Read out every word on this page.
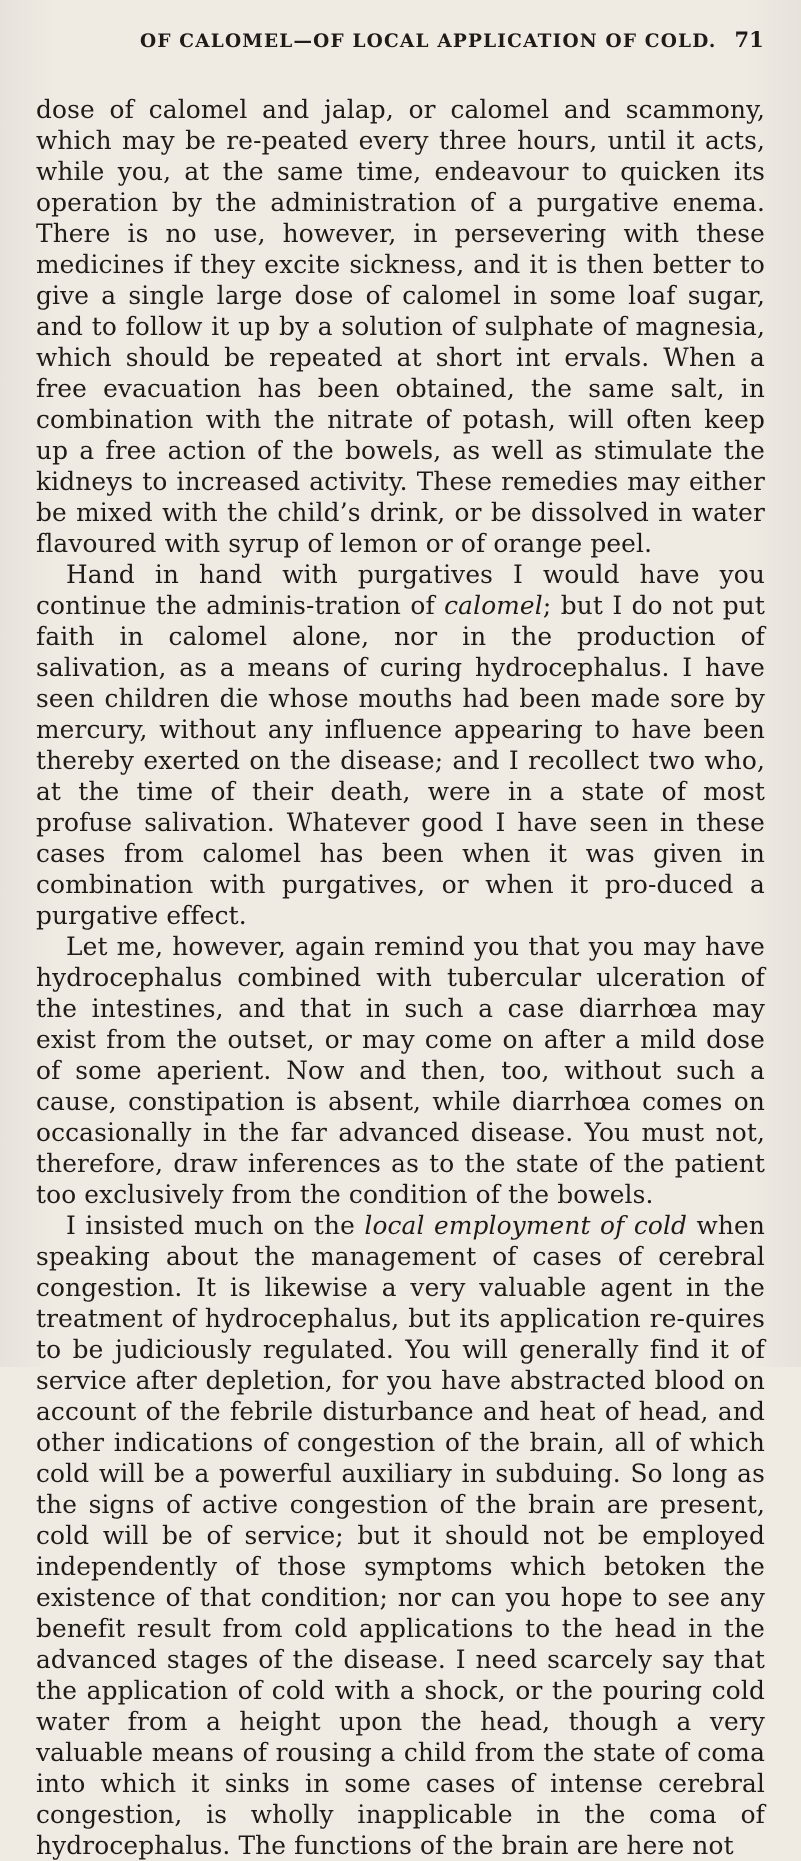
OF CALOMEL—OF LOCAL APPLICATION OF COLD. 71

dose of calomel and jalap, or calomel and scammony, which may be re-peated every three hours, until it acts, while you, at the same time, endeavour to quicken its operation by the administration of a purgative enema. There is no use, however, in persevering with these medicines if they excite sickness, and it is then better to give a single large dose of calomel in some loaf sugar, and to follow it up by a solution of sulphate of magnesia, which should be repeated at short int ervals. When a free evacuation has been obtained, the same salt, in combination with the nitrate of potash, will often keep up a free action of the bowels, as well as stimulate the kidneys to increased activity. These remedies may either be mixed with the child’s drink, or be dissolved in water flavoured with syrup of lemon or of orange peel.

Hand in hand with purgatives I would have you continue the adminis-tration of calomel; but I do not put faith in calomel alone, nor in the production of salivation, as a means of curing hydrocephalus. I have seen children die whose mouths had been made sore by mercury, without any influence appearing to have been thereby exerted on the disease; and I recollect two who, at the time of their death, were in a state of most profuse salivation. Whatever good I have seen in these cases from calomel has been when it was given in combination with purgatives, or when it pro-duced a purgative effect.

Let me, however, again remind you that you may have hydrocephalus combined with tubercular ulceration of the intestines, and that in such a case diarrhœa may exist from the outset, or may come on after a mild dose of some aperient. Now and then, too, without such a cause, constipation is absent, while diarrhœa comes on occasionally in the far advanced disease. You must not, therefore, draw inferences as to the state of the patient too exclusively from the condition of the bowels.

I insisted much on the local employment of cold when speaking about the management of cases of cerebral congestion. It is likewise a very valuable agent in the treatment of hydrocephalus, but its application re-quires to be judiciously regulated. You will generally find it of service after depletion, for you have abstracted blood on account of the febrile disturbance and heat of head, and other indications of congestion of the brain, all of which cold will be a powerful auxiliary in subduing. So long as the signs of active congestion of the brain are present, cold will be of service; but it should not be employed independently of those symptoms which betoken the existence of that condition; nor can you hope to see any benefit result from cold applications to the head in the advanced stages of the disease. I need scarcely say that the application of cold with a shock, or the pouring cold water from a height upon the head, though a very valuable means of rousing a child from the state of coma into which it sinks in some cases of intense cerebral congestion, is wholly inapplicable in the coma of hydrocephalus. The functions of the brain are here not
